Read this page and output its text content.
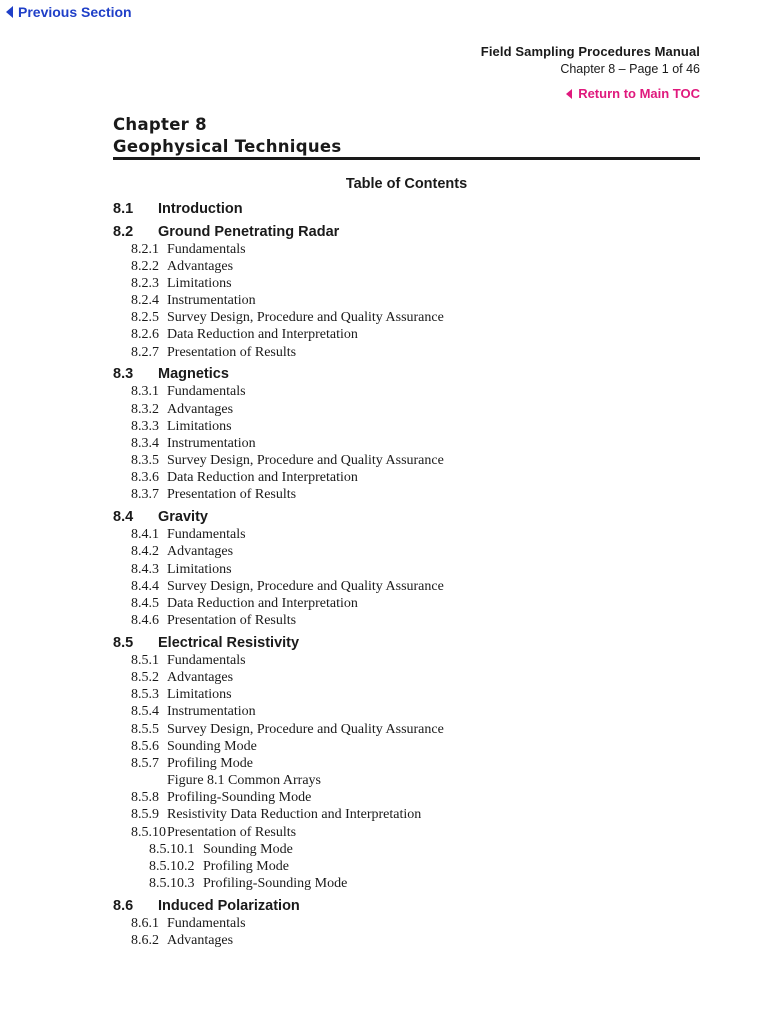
Previous Section
Field Sampling Procedures Manual
Chapter 8 – Page 1 of 46
Return to Main TOC
Chapter 8
Geophysical Techniques
Table of Contents
8.1	Introduction
8.2	Ground Penetrating Radar
8.2.1 Fundamentals
8.2.2 Advantages
8.2.3 Limitations
8.2.4 Instrumentation
8.2.5 Survey Design, Procedure and Quality Assurance
8.2.6 Data Reduction and Interpretation
8.2.7 Presentation of Results
8.3	Magnetics
8.3.1 Fundamentals
8.3.2 Advantages
8.3.3 Limitations
8.3.4 Instrumentation
8.3.5 Survey Design, Procedure and Quality Assurance
8.3.6 Data Reduction and Interpretation
8.3.7 Presentation of Results
8.4	Gravity
8.4.1 Fundamentals
8.4.2 Advantages
8.4.3 Limitations
8.4.4 Survey Design, Procedure and Quality Assurance
8.4.5 Data Reduction and Interpretation
8.4.6 Presentation of Results
8.5	Electrical Resistivity
8.5.1 Fundamentals
8.5.2 Advantages
8.5.3 Limitations
8.5.4 Instrumentation
8.5.5 Survey Design, Procedure and Quality Assurance
8.5.6 Sounding Mode
8.5.7 Profiling Mode
Figure 8.1 Common Arrays
8.5.8 Profiling-Sounding Mode
8.5.9 Resistivity Data Reduction and Interpretation
8.5.10 Presentation of Results
8.5.10.1 Sounding Mode
8.5.10.2 Profiling Mode
8.5.10.3 Profiling-Sounding Mode
8.6	Induced Polarization
8.6.1 Fundamentals
8.6.2 Advantages
